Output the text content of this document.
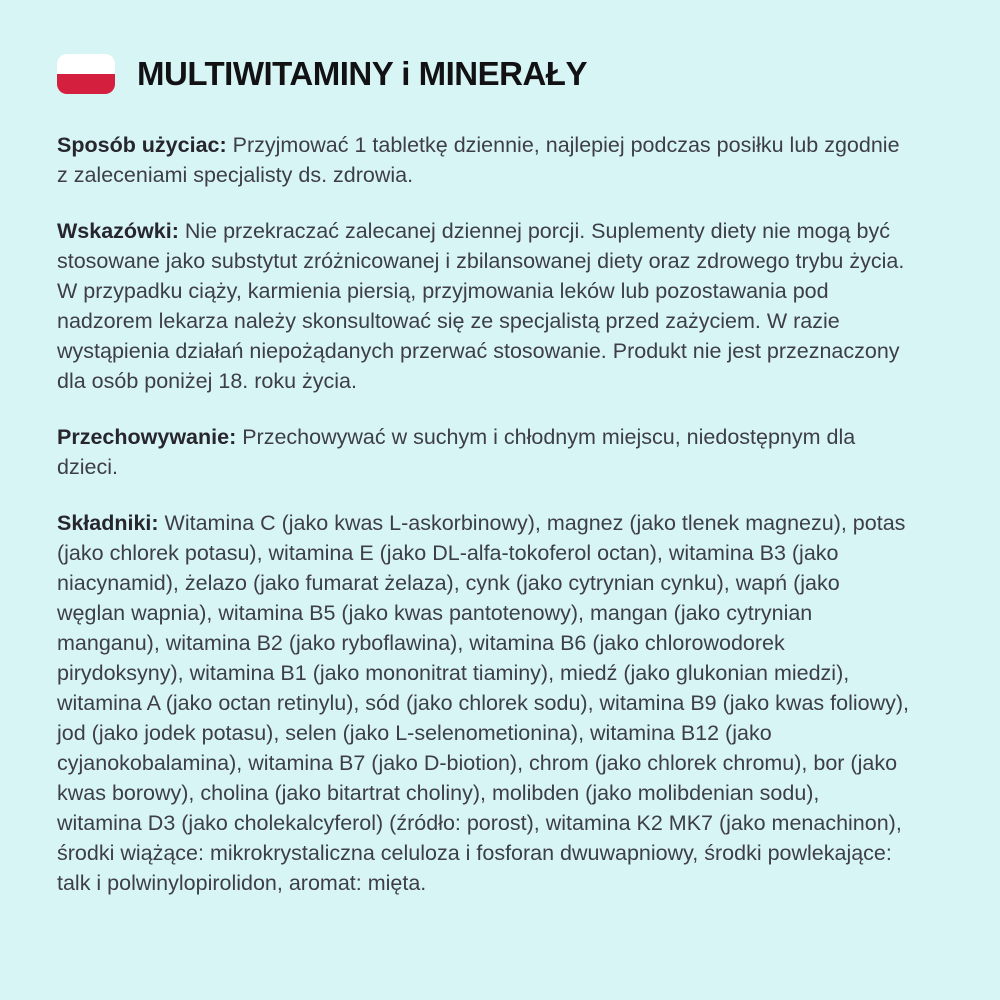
MULTIWITAMINY i MINERAŁY

Sposób użyciac: Przyjmować 1 tabletkę dziennie, najlepiej podczas posiłku lub zgodnie z zaleceniami specjalisty ds. zdrowia.

Wskazówki: Nie przekraczać zalecanej dziennej porcji. Suplementy diety nie mogą być stosowane jako substytut zróżnicowanej i zbilansowanej diety oraz zdrowego trybu życia. W przypadku ciąży, karmienia piersią, przyjmowania leków lub pozostawania pod nadzorem lekarza należy skonsultować się ze specjalistą przed zażyciem. W razie wystąpienia działań niepożądanych przerwać stosowanie. Produkt nie jest przeznaczony dla osób poniżej 18. roku życia.

Przechowywanie: Przechowywać w suchym i chłodnym miejscu, niedostępnym dla dzieci.

Składniki: Witamina C (jako kwas L-askorbinowy), magnez (jako tlenek magnezu), potas (jako chlorek potasu), witamina E (jako DL-alfa-tokoferol octan), witamina B3 (jako niacynamid), żelazo (jako fumarat żelaza), cynk (jako cytrynian cynku), wapń (jako węglan wapnia), witamina B5 (jako kwas pantotenowy), mangan (jako cytrynian manganu), witamina B2 (jako ryboflawina), witamina B6 (jako chlorowodorek pirydoksyny), witamina B1 (jako mononitrat tiaminy), miedź (jako glukonian miedzi), witamina A (jako octan retinylu), sód (jako chlorek sodu), witamina B9 (jako kwas foliowy), jod (jako jodek potasu), selen (jako L-selenometionina), witamina B12 (jako cyjanokobalamina), witamina B7 (jako D-biotion), chrom (jako chlorek chromu), bor (jako kwas borowy), cholina (jako bitartrat choliny), molibden (jako molibdenian sodu), witamina D3 (jako cholekalcyferol) (źródło: porost), witamina K2 MK7 (jako menachinon), środki wiążące: mikrokrystaliczna celuloza i fosforan dwuwapniowy, środki powlekające: talk i polwinylopirolidon, aromat: mięta.
